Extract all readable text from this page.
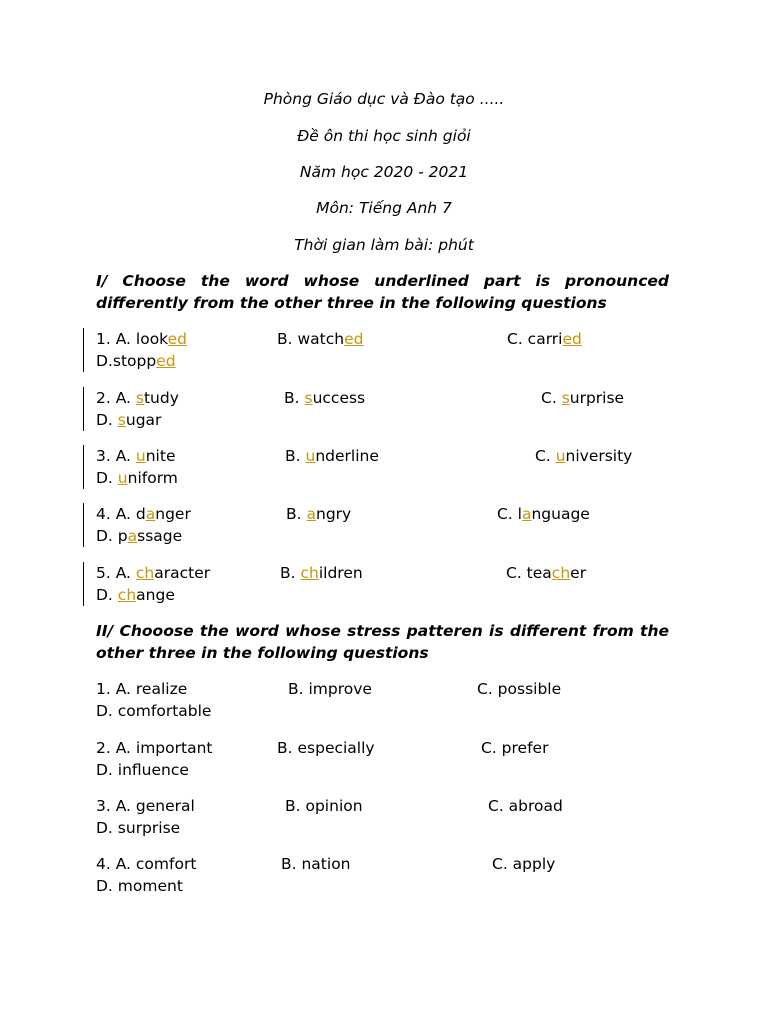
Phòng Giáo dục và Đào tạo .....

Đề ôn thi học sinh giỏi

Năm học 2020 - 2021

Môn: Tiếng Anh 7

Thời gian làm bài: phút

I/ Choose the word whose underlined part is pronounced differently from the other three in the following questions

1. A. looked	B. watched	C. carried
D.stopped
2. A. study	B. success	C. surprise
D. sugar
3. A. unite	B. underline	C. university
D. uniform
4. A. danger	B. angry	C. language
D. passage
5. A. character	B. children	C. teacher
D. change

II/ Chooose the word whose stress patteren is different from the other three in the following questions

1. A. realize	B. improve	C. possible
D. comfortable
2. A. important	B. especially	C. prefer
D. influence
3. A. general	B. opinion	C. abroad
D. surprise
4. A. comfort	B. nation	C. apply
D. moment
